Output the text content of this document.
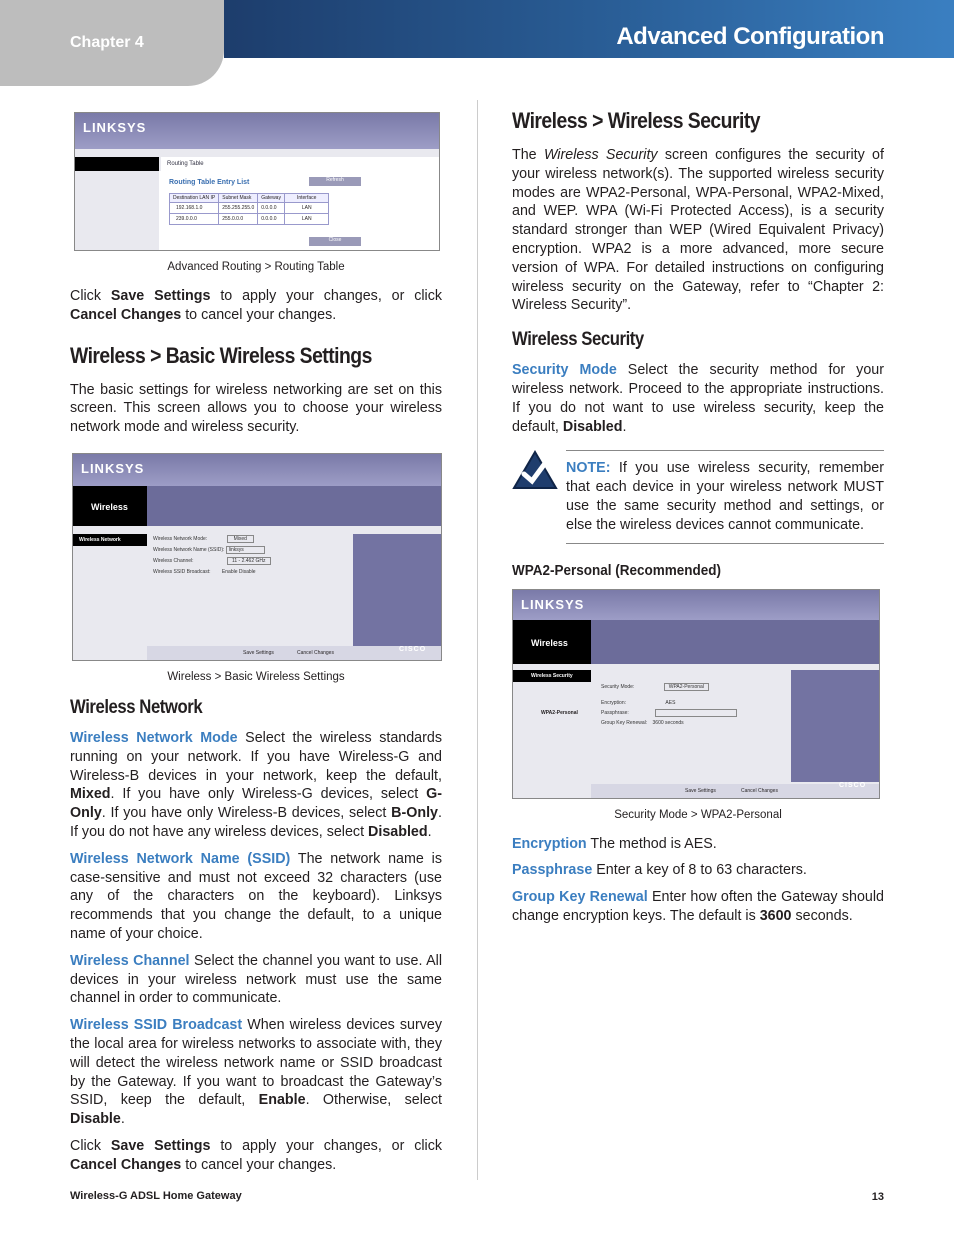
Chapter 4	Advanced Configuration
LINKSYS
Routing Table
Routing Table Entry List	Refresh
Destination LAN IP	Subnet Mask	Gateway	Interface
192.168.1.0	255.255.255.0	0.0.0.0	LAN
239.0.0.0	255.0.0.0	0.0.0.0	LAN
Close
Advanced Routing > Routing Table

Click Save Settings to apply your changes, or click Cancel Changes to cancel your changes.

Wireless > Basic Wireless Settings

The basic settings for wireless networking are set on this screen. This screen allows you to choose your wireless network mode and wireless security.

LINKSYS
Wireless
Wireless Network	Wireless Network Mode:	Mixed
Wireless Network Name (SSID): linksys
Wireless Channel:	11 - 2.462 GHz
Wireless SSID Broadcast: Enable Disable
Save Settings	Cancel Changes	CISCO
Wireless > Basic Wireless Settings
Wireless Network

Wireless Network Mode Select the wireless standards running on your network. If you have Wireless-G and Wireless-B devices in your network, keep the default, Mixed. If you have only Wireless-G devices, select G-Only. If you have only Wireless-B devices, select B-Only. If you do not have any wireless devices, select Disabled.

Wireless Network Name (SSID) The network name is case-sensitive and must not exceed 32 characters (use any of the characters on the keyboard). Linksys recommends that you change the default, to a unique name of your choice.

Wireless Channel Select the channel you want to use. All devices in your wireless network must use the same channel in order to communicate.

Wireless SSID Broadcast When wireless devices survey the local area for wireless networks to associate with, they will detect the wireless network name or SSID broadcast by the Gateway. If you want to broadcast the Gateway’s SSID, keep the default, Enable. Otherwise, select Disable.

Click Save Settings to apply your changes, or click Cancel Changes to cancel your changes.

Wireless > Wireless Security

The Wireless Security screen configures the security of your wireless network(s). The supported wireless security modes are WPA2-Personal, WPA-Personal, WPA2-Mixed, and WEP. WPA (Wi-Fi Protected Access), is a security standard stronger than WEP (Wired Equivalent Privacy) encryption. WPA2 is a more advanced, more secure version of WPA. For detailed instructions on configuring wireless security on the Gateway, refer to “Chapter 2: Wireless Security”.

Wireless Security

Security Mode Select the security method for your wireless network. Proceed to the appropriate instructions. If you do not want to use wireless security, keep the default, Disabled.

NOTE: If you use wireless security, remember that each device in your wireless network MUST use the same security method and settings, or else the wireless devices cannot communicate.
WPA2-Personal (Recommended)
LINKSYS
Wireless
Wireless Security
WPA2-Personal
Security Mode:	WPA2-Personal
Encryption:	AES
Passphrase:
Group Key Renewal: 3600 seconds
Save Settings	Cancel Changes
CISCO
Security Mode > WPA2-Personal

Encryption The method is AES.

Passphrase Enter a key of 8 to 63 characters.

Group Key Renewal Enter how often the Gateway should change encryption keys. The default is 3600 seconds.

Wireless-G ADSL Home Gateway	13
